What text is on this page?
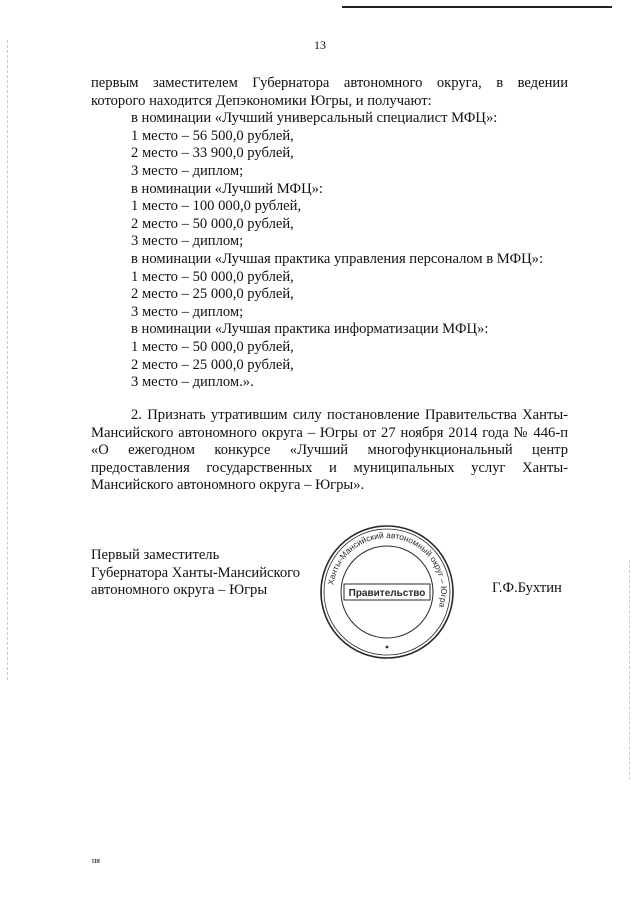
13
первым заместителем Губернатора автономного округа, в ведении
которого находится Депэкономики Югры, и получают:
в номинации «Лучший универсальный специалист МФЦ»:
1 место – 56 500,0 рублей,
2 место – 33 900,0 рублей,
3 место – диплом;
в номинации «Лучший МФЦ»:
1 место – 100 000,0 рублей,
2 место – 50 000,0 рублей,
3 место – диплом;
в номинации «Лучшая практика управления персоналом в МФЦ»:
1 место – 50 000,0 рублей,
2 место – 25 000,0 рублей,
3 место – диплом;
в номинации «Лучшая практика информатизации МФЦ»:
1 место – 50 000,0 рублей,
2 место – 25 000,0 рублей,
3 место – диплом.».
2. Признать утратившим силу постановление Правительства Ханты-
Мансийского автономного округа – Югры от 27 ноября 2014 года № 446-п
«О ежегодном конкурсе «Лучший многофункциональный центр
предоставления государственных и муниципальных услуг Ханты-
Мансийского автономного округа – Югры».
Первый заместитель
Губернатора Ханты-Мансийского
автономного округа – Югры
Ханты-Мансийский автономный округ – Югра
Правительство	Г.Ф.Бухтин
ня
